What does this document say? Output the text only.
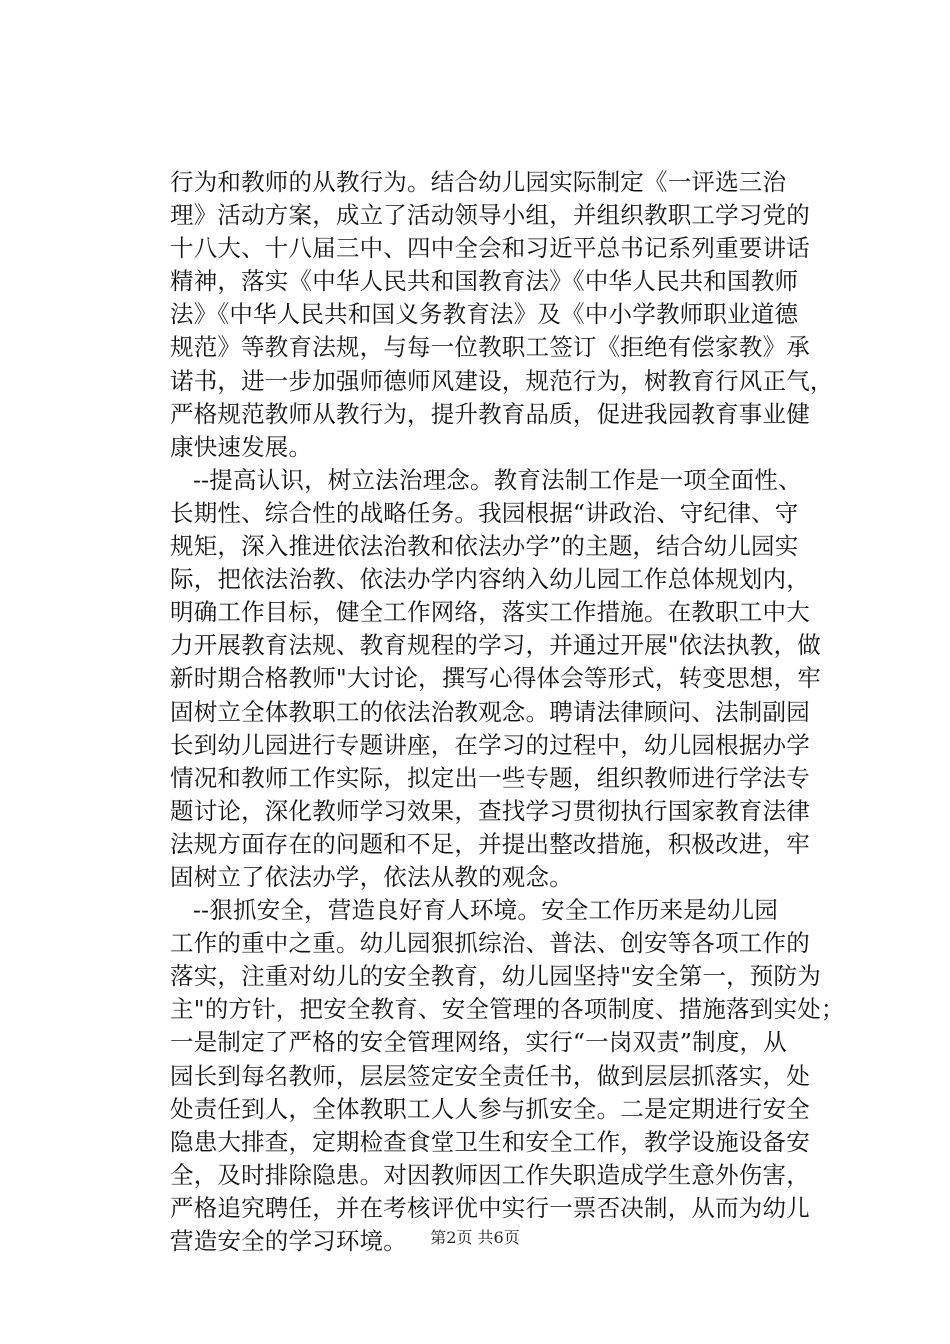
行为和教师的从教行为。结合幼儿园实际制定《一评选三治
理》活动方案，成立了活动领导小组，并组织教职工学习党的
十八大、十八届三中、四中全会和习近平总书记系列重要讲话
精神，落实《中华人民共和国教育法》《中华人民共和国教师
法》《中华人民共和国义务教育法》及《中小学教师职业道德
规范》等教育法规，与每一位教职工签订《拒绝有偿家教》承
诺书，进一步加强师德师风建设，规范行为，树教育行风正气，
严格规范教师从教行为，提升教育品质，促进我园教育事业健
康快速发展。
--提高认识，树立法治理念。教育法制工作是一项全面性、
长期性、综合性的战略任务。我园根据“讲政治、守纪律、守
规矩，深入推进依法治教和依法办学”的主题，结合幼儿园实
际，把依法治教、依法办学内容纳入幼儿园工作总体规划内，
明确工作目标，健全工作网络，落实工作措施。在教职工中大
力开展教育法规、教育规程的学习，并通过开展"依法执教，做
新时期合格教师"大讨论，撰写心得体会等形式，转变思想，牢
固树立全体教职工的依法治教观念。聘请法律顾问、法制副园
长到幼儿园进行专题讲座，在学习的过程中，幼儿园根据办学
情况和教师工作实际，拟定出一些专题，组织教师进行学法专
题讨论，深化教师学习效果，查找学习贯彻执行国家教育法律
法规方面存在的问题和不足，并提出整改措施，积极改进，牢
固树立了依法办学，依法从教的观念。
--狠抓安全，营造良好育人环境。安全工作历来是幼儿园
工作的重中之重。幼儿园狠抓综治、普法、创安等各项工作的
落实，注重对幼儿的安全教育，幼儿园坚持"安全第一，预防为
主"的方针，把安全教育、安全管理的各项制度、措施落到实处；
一是制定了严格的安全管理网络，实行“一岗双责”制度，从
园长到每名教师，层层签定安全责任书，做到层层抓落实，处
处责任到人，全体教职工人人参与抓安全。二是定期进行安全
隐患大排查，定期检查食堂卫生和安全工作，教学设施设备安
全，及时排除隐患。对因教师因工作失职造成学生意外伤害，
严格追究聘任，并在考核评优中实行一票否决制，从而为幼儿
营造安全的学习环境。	第2页 共6页
